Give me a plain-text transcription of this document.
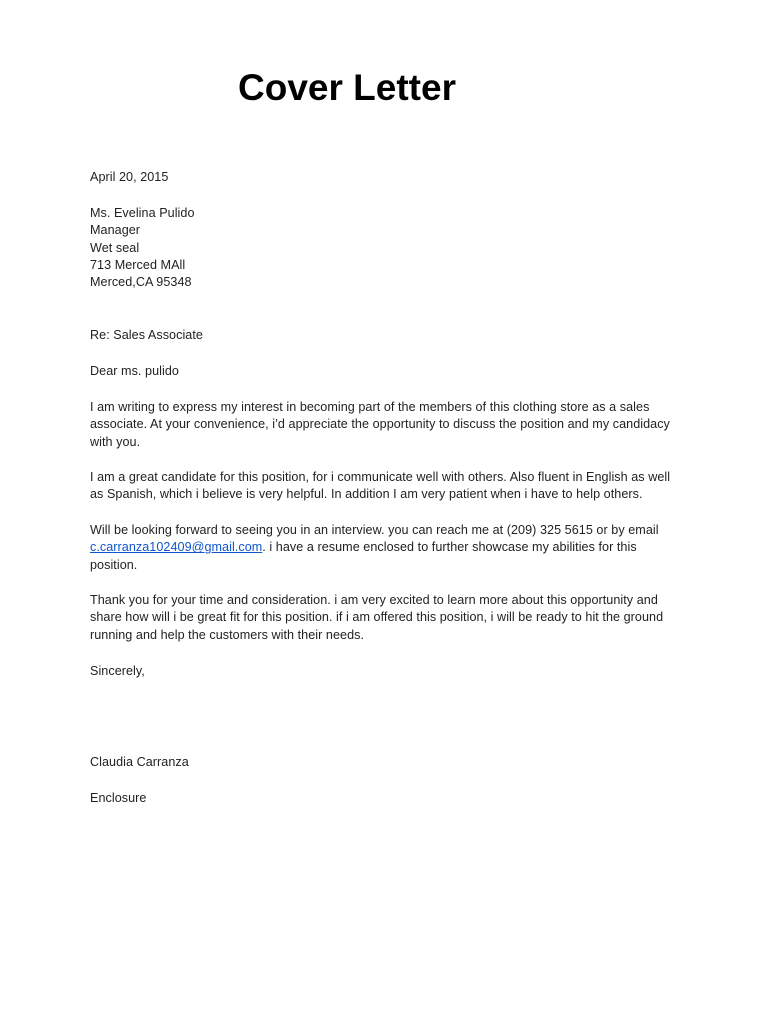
Cover Letter
April 20, 2015
Ms. Evelina Pulido
Manager
Wet seal
713 Merced MAll
Merced,CA 95348
Re: Sales Associate
Dear ms. pulido
I am writing to express my interest in becoming part of the members of this clothing store as a sales
associate. At your convenience, i’d appreciate the opportunity to discuss the position and my candidacy
with you.
I am a great candidate for this position, for i communicate well with others. Also fluent in English as well
as Spanish, which i believe is very helpful. In addition I am very patient when i have to help others.
Will be looking forward to seeing you in an interview. you can reach me at (209) 325 5615 or by email
c.carranza102409@gmail.com. i have a resume enclosed to further showcase my abilities for this
position.
Thank you for your time and consideration. i am very excited to learn more about this opportunity and
share how will i be great fit for this position. if i am offered this position, i will be ready to hit the ground
running and help the customers with their needs.
Sincerely,
Claudia Carranza
Enclosure
